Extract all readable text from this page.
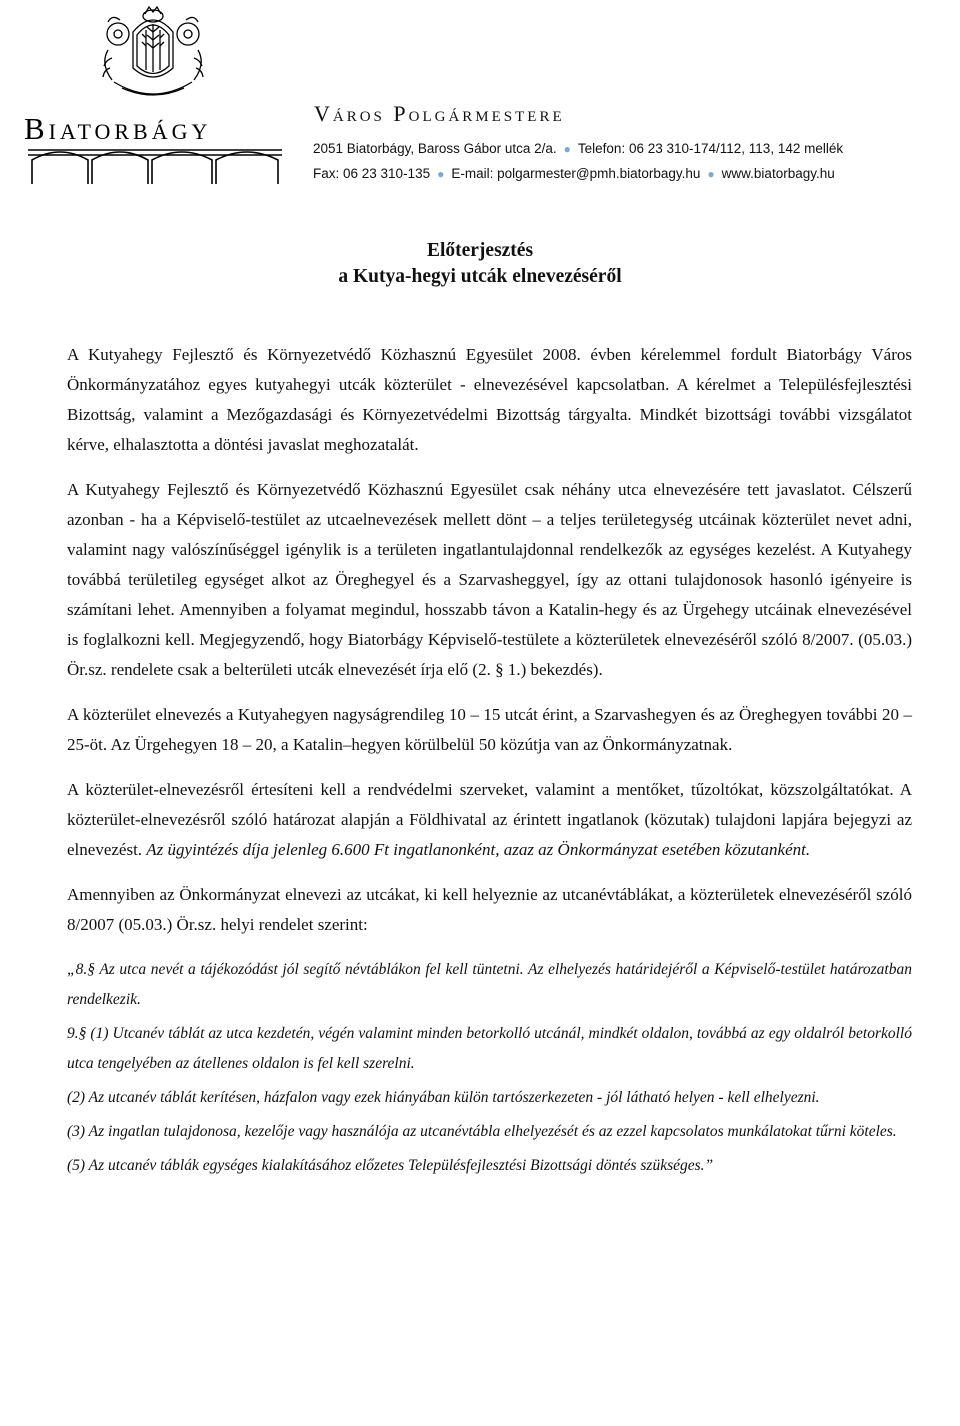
Biatorbágy	Város Polgármestere
2051 Biatorbágy, Baross Gábor utca 2/a. ● Telefon: 06 23 310-174/112, 113, 142 mellék
Fax: 06 23 310-135 ● E-mail: polgarmester@pmh.biatorbagy.hu ● www.biatorbagy.hu
Előterjesztés
a Kutya-hegyi utcák elnevezéséről

A Kutyahegy Fejlesztő és Környezetvédő Közhasznú Egyesület 2008. évben kérelemmel fordult Biatorbágy Város Önkormányzatához egyes kutyahegyi utcák közterület - elnevezésével kapcsolatban. A kérelmet a Településfejlesztési Bizottság, valamint a Mezőgazdasági és Környezetvédelmi Bizottság tárgyalta. Mindkét bizottsági további vizsgálatot kérve, elhalasztotta a döntési javaslat meghozatalát.

A Kutyahegy Fejlesztő és Környezetvédő Közhasznú Egyesület csak néhány utca elnevezésére tett javaslatot. Célszerű azonban - ha a Képviselő-testület az utcaelnevezések mellett dönt – a teljes területegység utcáinak közterület nevet adni, valamint nagy valószínűséggel igénylik is a területen ingatlantulajdonnal rendelkezők az egységes kezelést. A Kutyahegy továbbá területileg egységet alkot az Öreghegyel és a Szarvasheggyel, így az ottani tulajdonosok hasonló igényeire is számítani lehet. Amennyiben a folyamat megindul, hosszabb távon a Katalin-hegy és az Ürgehegy utcáinak elnevezésével is foglalkozni kell. Megjegyzendő, hogy Biatorbágy Képviselő-testülete a közterületek elnevezéséről szóló 8/2007. (05.03.) Ör.sz. rendelete csak a belterületi utcák elnevezését írja elő (2. § 1.) bekezdés).

A közterület elnevezés a Kutyahegyen nagyságrendileg 10 – 15 utcát érint, a Szarvashegyen és az Öreghegyen további 20 – 25-öt. Az Ürgehegyen 18 – 20, a Katalin–hegyen körülbelül 50 közútja van az Önkormányzatnak.

A közterület-elnevezésről értesíteni kell a rendvédelmi szerveket, valamint a mentőket, tűzoltókat, közszolgáltatókat. A közterület-elnevezésről szóló határozat alapján a Földhivatal az érintett ingatlanok (közutak) tulajdoni lapjára bejegyzi az elnevezést. Az ügyintézés díja jelenleg 6.600 Ft ingatlanonként, azaz az Önkormányzat esetében közutanként.

Amennyiben az Önkormányzat elnevezi az utcákat, ki kell helyeznie az utcanévtáblákat, a közterületek elnevezéséről szóló 8/2007 (05.03.) Ör.sz. helyi rendelet szerint:

„8.§ Az utca nevét a tájékozódást jól segítő névtáblákon fel kell tüntetni. Az elhelyezés határidejéről a Képviselő-testület határozatban rendelkezik.

9.§ (1) Utcanév táblát az utca kezdetén, végén valamint minden betorkolló utcánál, mindkét oldalon, továbbá az egy oldalról betorkolló utca tengelyében az átellenes oldalon is fel kell szerelni.

(2) Az utcanév táblát kerítésen, házfalon vagy ezek hiányában külön tartószerkezeten - jól látható helyen - kell elhelyezni.

(3) Az ingatlan tulajdonosa, kezelője vagy használója az utcanévtábla elhelyezését és az ezzel kapcsolatos munkálatokat tűrni köteles.

(5) Az utcanév táblák egységes kialakításához előzetes Településfejlesztési Bizottsági döntés szükséges.”
